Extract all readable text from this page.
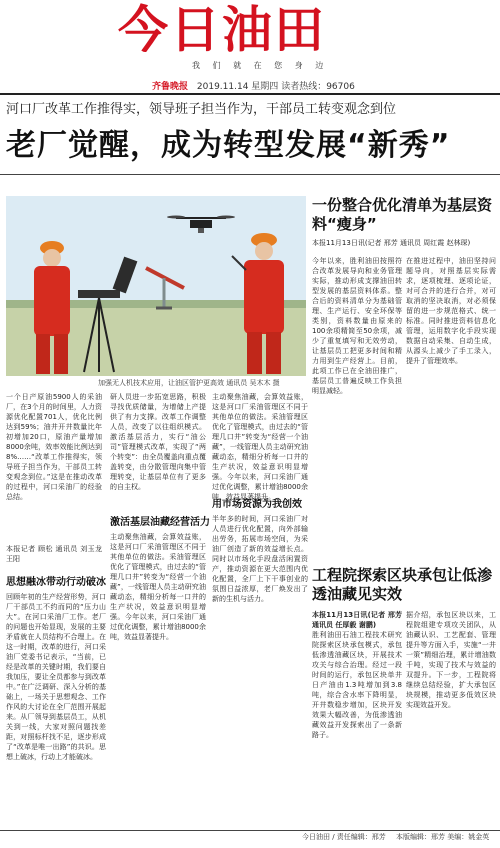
今日油田
我 们 就 在 您 身 边
齐鲁晚报 2019.11.14 星期四 读者热线：96706
河口厂改革工作推得实，领导班子担当作为，干部员工转变观念到位
老厂觉醒，成为转型发展“新秀”
加强无人机技术应用，让油区管护更高效 通讯员 吴木木 摄
一个日产原油5900人的采油厂，在3个月的时间里，人力资源优化配置701人，优化比例达到59%；油井开井数量比年初增加20口，原油产量增加8000余吨，效率效能比例达到8%……“改革工作推得实，领导班子担当作为，干部员工转变观念到位。”这是在推动改革的过程中，河口采油厂的经验总结。
本报记者 顾松 通讯员 刘玉龙 王阳
思想融冰带动行动破冰
回顾年初的生产经营形势，河口厂干部员工不约而同的“压力山大”。在河口采油厂工作。老厂的问题也开始显现，发展的主要矛盾就在人员结构不合理上。在这一时期，改革的进行，河口采油厂党委书记表示，“当前，已经是改革的关键时期，我们要自我加压，要让全员都参与到改革中。”在广泛调研、深入分析的基础上，一场关于思想观念、工作作风的大讨论在全厂范围开展起来。从厂领导到基层员工，从机关到一线，大家对照问题找差距，对照标杆找不足，逐步形成了“改革是唯一出路”的共识。思想上破冰，行动上才能破冰。
研人员进一步拓宽思路，积极寻找优质储量，为增储上产提供了有力支撑。改革工作调整人员，改变了以往组织模式。激活基层活力，实行“油公司”管理模式改革，实现了“两个转变”：由全员覆盖向重点覆盖转变，由分散管理向集中管理转变，让基层单位有了更多的自主权。
激活基层油藏经营活力
主动聚焦油藏，会算效益账，这是河口厂采油管理区不同于其他单位的做法。采油管理区优化了管理模式，由过去的“管理几口井”转变为“经营一个油藏”，一线管理人员主动研究油藏动态，精细分析每一口井的生产状况，效益意识明显增强。今年以来，河口采油厂通过优化调整，累计增油8000余吨，效益显著提升。
主动聚焦油藏，会算效益账，这是河口厂采油管理区不同于其他单位的做法。采油管理区优化了管理模式，由过去的“管理几口井”转变为“经营一个油藏”，一线管理人员主动研究油藏动态，精细分析每一口井的生产状况，效益意识明显增强。今年以来，河口采油厂通过优化调整，累计增油8000余吨，效益显著提升。
用市场资源为我创效
半年多的时间，河口采油厂对人员进行优化配置，向外部输出劳务，拓展市场空间，为采油厂创造了新的效益增长点。同时以市场化手段盘活闲置资产，推动资源在更大范围内优化配置，全厂上下干事创业的氛围日益浓厚，老厂焕发出了新的生机与活力。
一份整合优化清单为基层资料“瘦身”
本报11月13日讯(记者 邢芳 通讯员 周红霞 赵林琛)
今年以来，胜利油田按照符合改革发展导向和业务管理实际，推动形成支撑油田转型发展的基层资料体系。整合后的资料清单分为基础管理、生产运行、安全环保等类别，资料数量由原来的100余项精简至50余项，减少了重复填写和无效劳动，让基层员工把更多时间和精力用到生产经营上。目前，此项工作已在全油田推广，基层员工普遍反映工作负担明显减轻。
在推进过程中，油田坚持问题导向，对照基层实际需求，逐项梳理、逐项论证，对可合并的进行合并，对可取消的坚决取消，对必须保留的进一步规范格式、统一标准。同时推进资料信息化管理，运用数字化手段实现数据自动采集、自动生成，从源头上减少了手工录入，提升了管理效率。
工程院探索区块承包让低渗透油藏见实效
本报11月13日讯(记者 邢芳 通讯员 任厚毅 谢鹏)
胜利油田石油工程技术研究院探索区块承包模式，承包低渗透油藏区块，开展技术攻关与综合治理。经过一段时间的运行，承包区块单井日产油由1.3吨增加到3.8吨，综合含水率下降明显，开井数稳步增加，区块开发效果大幅改善，为低渗透油藏效益开发探索出了一条新路子。
据介绍，承包区块以来，工程院组建专项攻关团队，从油藏认识、工艺配套、管理提升等方面入手，实施“一井一策”精细治理，累计增油数千吨，实现了技术与效益的双提升。下一步，工程院将继续总结经验，扩大承包区块规模，推动更多低效区块实现效益开发。
今日油田 / 责任编辑：邢芳 本版编辑：邢芳 美编：姚金英
